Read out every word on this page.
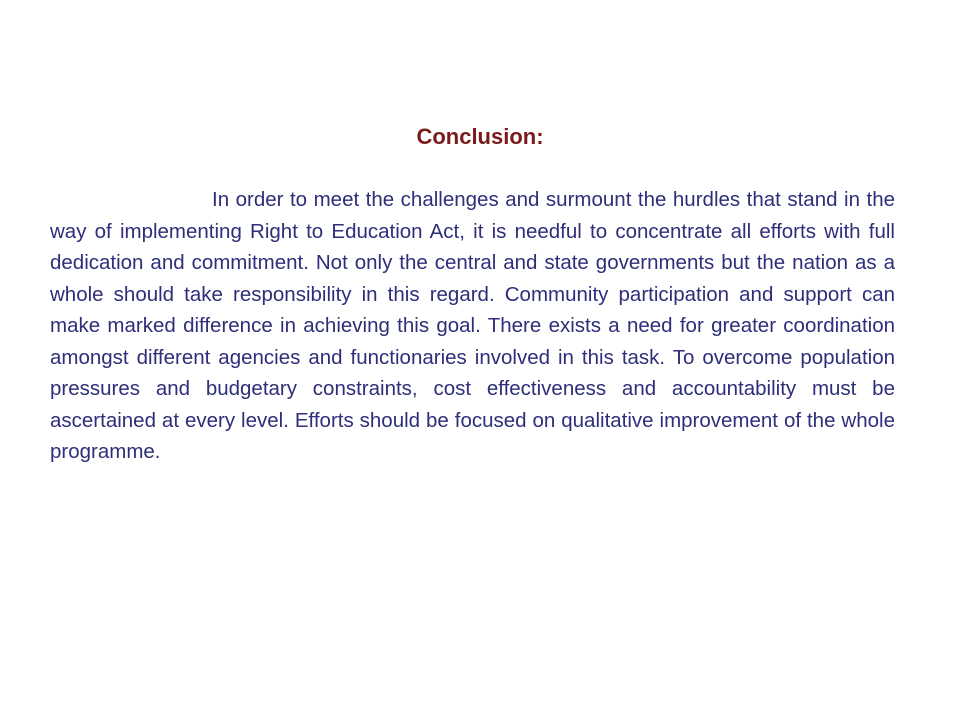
Conclusion:

In order to meet the challenges and surmount the hurdles that stand in the way of implementing Right to Education Act, it is needful to concentrate all efforts with full dedication and commitment. Not only the central and state governments but the nation as a whole should take responsibility in this regard. Community participation and support can make marked difference in achieving this goal. There exists a need for greater coordination amongst different agencies and functionaries involved in this task. To overcome population pressures and budgetary constraints, cost effectiveness and accountability must be ascertained at every level. Efforts should be focused on qualitative improvement of the whole programme.
